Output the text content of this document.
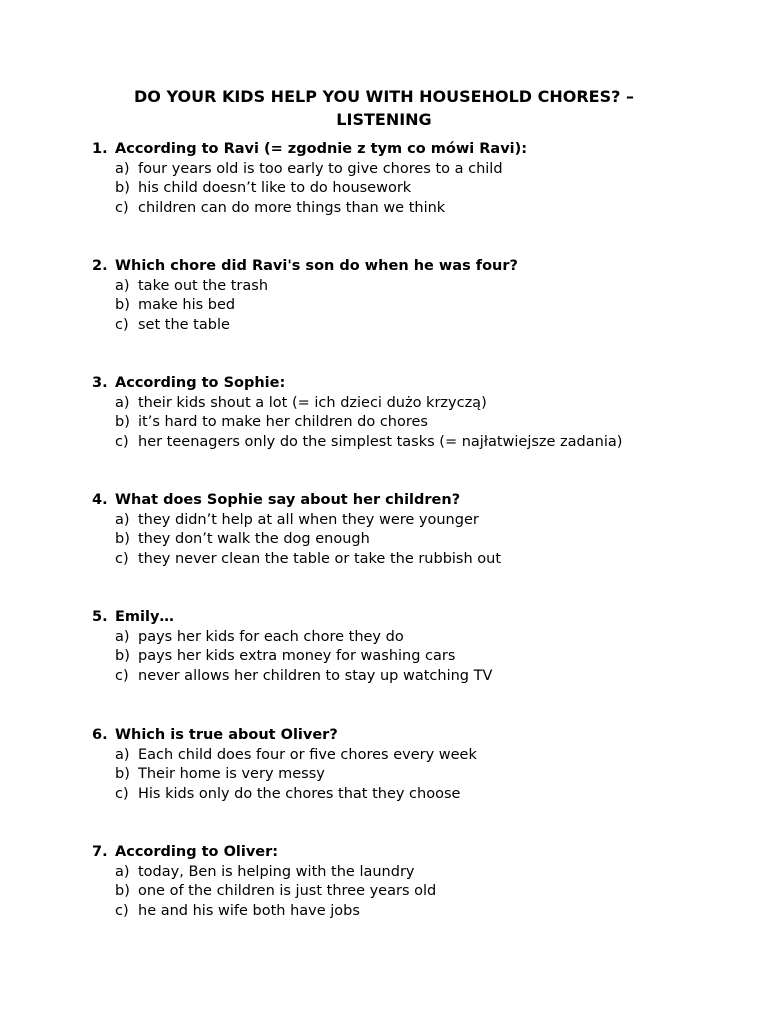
DO YOUR KIDS HELP YOU WITH HOUSEHOLD CHORES? – LISTENING
1. According to Ravi (= zgodnie z tym co mówi Ravi):
a) four years old is too early to give chores to a child
b) his child doesn’t like to do housework
c) children can do more things than we think
2. Which chore did Ravi's son do when he was four?
a) take out the trash
b) make his bed
c) set the table
3. According to Sophie:
a) their kids shout a lot (= ich dzieci dużo krzyczą)
b) it’s hard to make her children do chores
c) her teenagers only do the simplest tasks (= najłatwiejsze zadania)
4. What does Sophie say about her children?
a) they didn’t help at all when they were younger
b) they don’t walk the dog enough
c) they never clean the table or take the rubbish out
5. Emily…
a) pays her kids for each chore they do
b) pays her kids extra money for washing cars
c) never allows her children to stay up watching TV
6. Which is true about Oliver?
a) Each child does four or five chores every week
b) Their home is very messy
c) His kids only do the chores that they choose
7. According to Oliver:
a) today, Ben is helping with the laundry
b) one of the children is just three years old
c) he and his wife both have jobs
